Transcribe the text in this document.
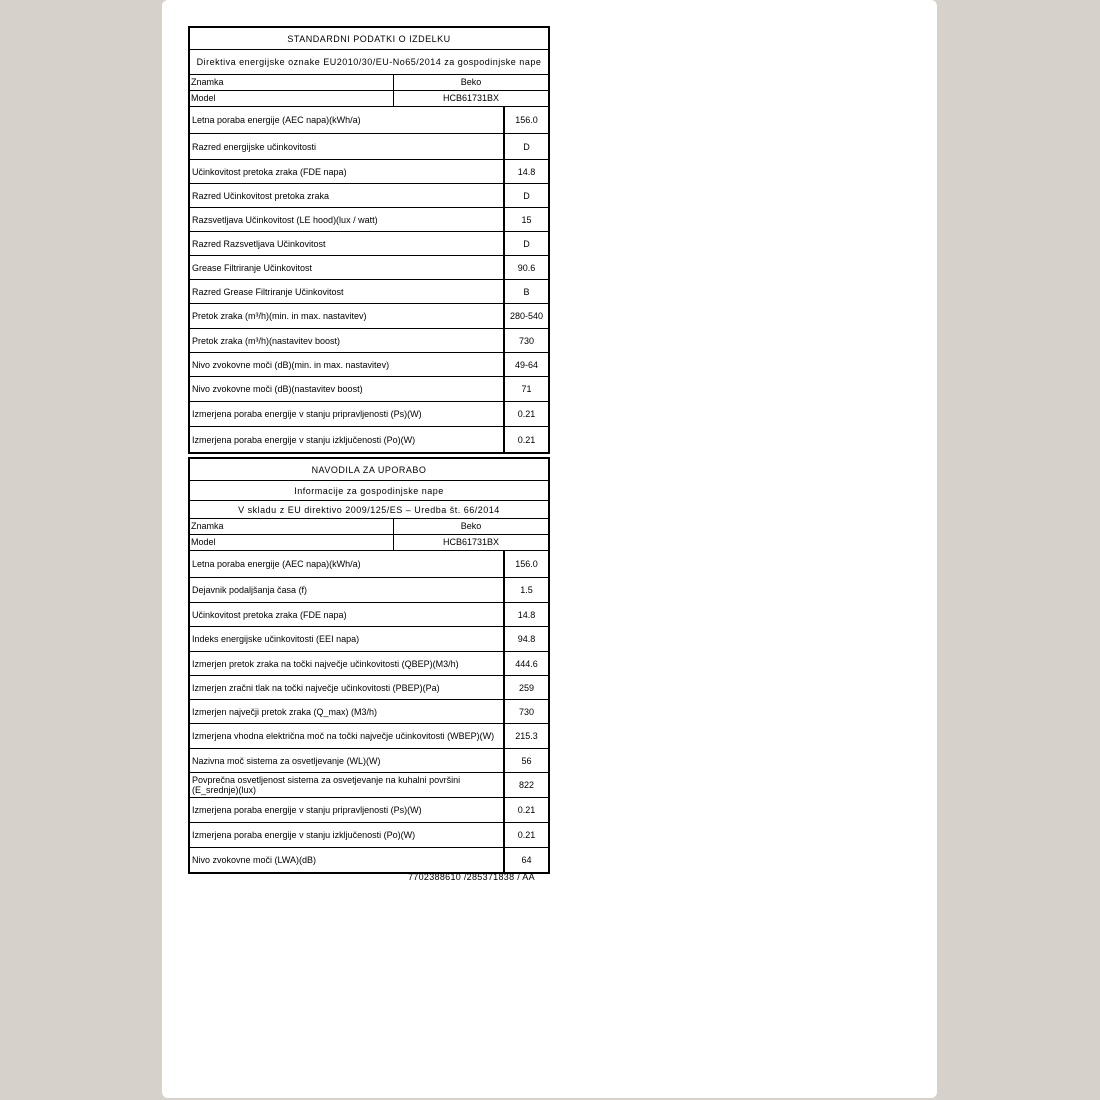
STANDARDNI PODATKI O IZDELKU
Direktiva energijske oznake EU2010/30/EU-No65/2014 za gospodinjske nape
Znamka	Beko
Model	HCB61731BX
Letna poraba energije (AEC napa)(kWh/a)	156.0
Razred energijske učinkovitosti	D
Učinkovitost pretoka zraka (FDE napa)	14.8
Razred Učinkovitost pretoka zraka	D
Razsvetljava Učinkovitost (LE hood)(lux / watt)	15
Razred Razsvetljava Učinkovitost	D
Grease Filtriranje Učinkovitost	90.6
Razred Grease Filtriranje Učinkovitost	B
Pretok zraka (m³/h)(min. in max. nastavitev)	280-540
Pretok zraka (m³/h)(nastavitev boost)	730
Nivo zvokovne moči (dB)(min. in max. nastavitev)	49-64
Nivo zvokovne moči (dB)(nastavitev boost)	71
Izmerjena poraba energije v stanju pripravljenosti (Ps)(W)	0.21
Izmerjena poraba energije v stanju izključenosti (Po)(W)	0.21
NAVODILA ZA UPORABO
Informacije za gospodinjske nape
V skladu z EU direktivo 2009/125/ES – Uredba št. 66/2014
Znamka	Beko
Model	HCB61731BX
Letna poraba energije (AEC napa)(kWh/a)	156.0
Dejavnik podaljšanja časa (f)	1.5
Učinkovitost pretoka zraka (FDE napa)	14.8
Indeks energijske učinkovitosti (EEI napa)	94.8
Izmerjen pretok zraka na točki največje učinkovitosti (QBEP)(M3/h)	444.6
Izmerjen zračni tlak na točki največje učinkovitosti (PBEP)(Pa)	259
Izmerjen največji pretok zraka (Q_max) (M3/h)	730
Izmerjena vhodna električna moč na točki največje učinkovitosti (WBEP)(W)	215.3
Nazivna moč sistema za osvetljevanje (WL)(W)	56
Povprečna osvetljenost sistema za osvetjevanje na kuhalni površini (E_srednje)(lux)	822
Izmerjena poraba energije v stanju pripravljenosti (Ps)(W)	0.21
Izmerjena poraba energije v stanju izključenosti (Po)(W)	0.21
Nivo zvokovne moči (LWA)(dB)	64
7702388610 /285371838 / AA
